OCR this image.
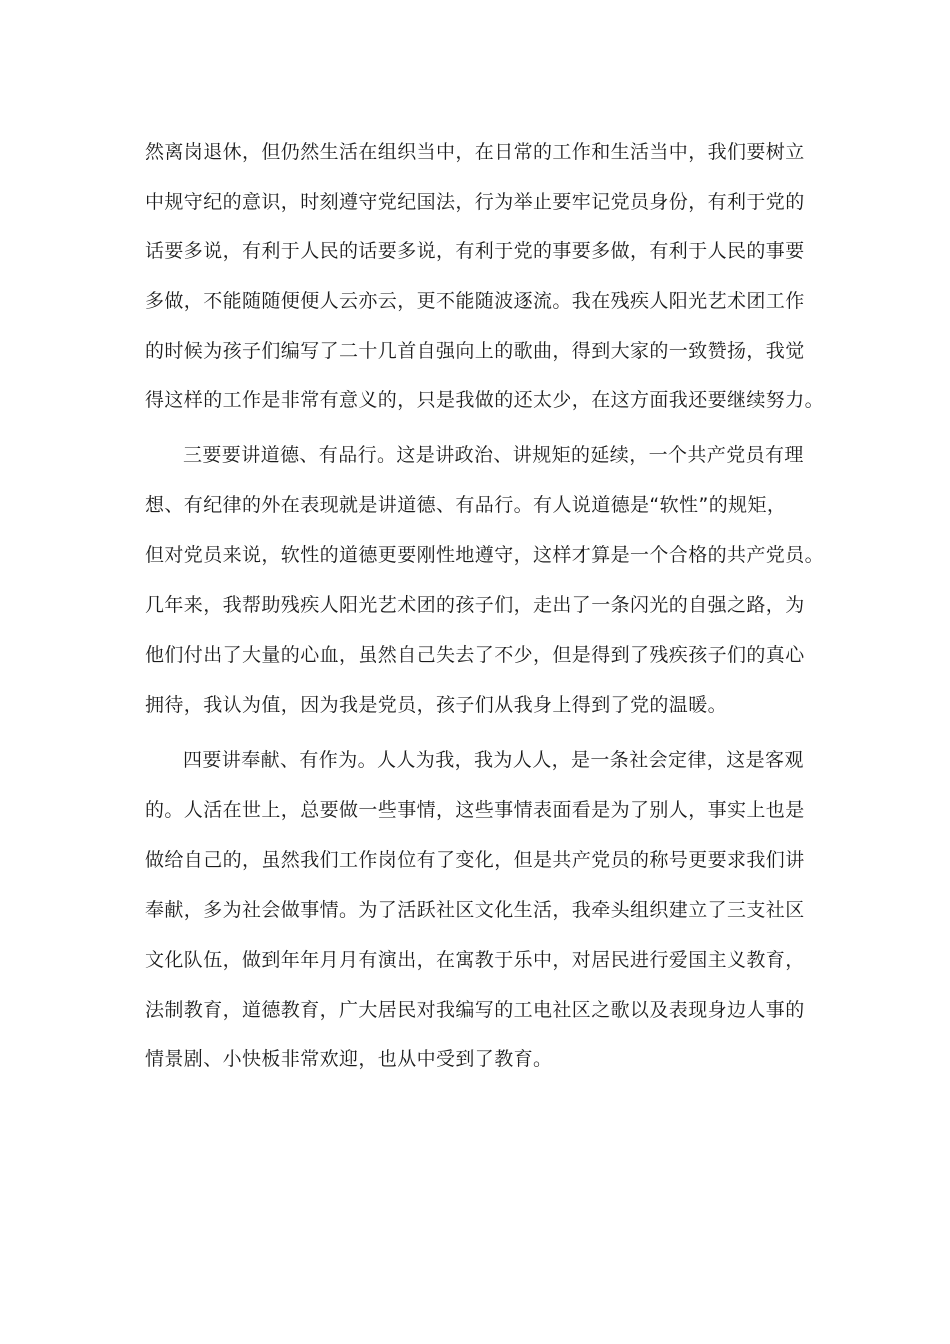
然离岗退休，但仍然生活在组织当中，在日常的工作和生活当中，我们要树立
中规守纪的意识，时刻遵守党纪国法，行为举止要牢记党员身份，有利于党的
话要多说，有利于人民的话要多说，有利于党的事要多做，有利于人民的事要
多做，不能随随便便人云亦云，更不能随波逐流。我在残疾人阳光艺术团工作
的时候为孩子们编写了二十几首自强向上的歌曲，得到大家的一致赞扬，我觉
得这样的工作是非常有意义的，只是我做的还太少，在这方面我还要继续努力。
三要要讲道德、有品行。这是讲政治、讲规矩的延续，一个共产党员有理
想、有纪律的外在表现就是讲道德、有品行。有人说道德是“软性”的规矩，
但对党员来说，软性的道德更要刚性地遵守，这样才算是一个合格的共产党员。
几年来，我帮助残疾人阳光艺术团的孩子们，走出了一条闪光的自强之路，为
他们付出了大量的心血，虽然自己失去了不少，但是得到了残疾孩子们的真心
拥待，我认为值，因为我是党员，孩子们从我身上得到了党的温暖。
四要讲奉献、有作为。人人为我，我为人人，是一条社会定律，这是客观
的。人活在世上，总要做一些事情，这些事情表面看是为了别人，事实上也是
做给自己的，虽然我们工作岗位有了变化，但是共产党员的称号更要求我们讲
奉献，多为社会做事情。为了活跃社区文化生活，我牵头组织建立了三支社区
文化队伍，做到年年月月有演出，在寓教于乐中，对居民进行爱国主义教育，
法制教育，道德教育，广大居民对我编写的工电社区之歌以及表现身边人事的
情景剧、小快板非常欢迎，也从中受到了教育。
